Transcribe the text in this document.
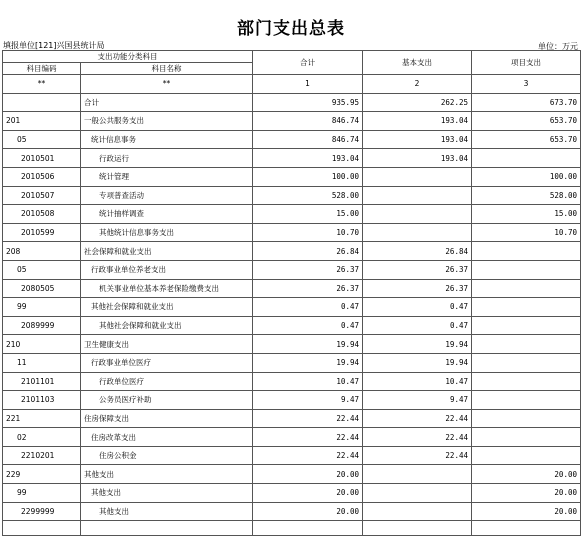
部门支出总表
填报单位[121]兴国县统计局	单位：万元
支出功能分类科目		合计	基本支出	项目支出
科目编码	科目名称			
**	**	1	2	3
	合计	935.95	262.25	673.70
201	一般公共服务支出	846.74	193.04	653.70
05	统计信息事务	846.74	193.04	653.70
2010501	行政运行	193.04	193.04	
2010506	统计管理	100.00		100.00
2010507	专项普查活动	528.00		528.00
2010508	统计抽样调查	15.00		15.00
2010599	其他统计信息事务支出	10.70		10.70
208	社会保障和就业支出	26.84	26.84	
05	行政事业单位养老支出	26.37	26.37	
2080505	机关事业单位基本养老保险缴费支出	26.37	26.37	
99	其他社会保障和就业支出	0.47	0.47	
2089999	其他社会保障和就业支出	0.47	0.47	
210	卫生健康支出	19.94	19.94	
11	行政事业单位医疗	19.94	19.94	
2101101	行政单位医疗	10.47	10.47	
2101103	公务员医疗补助	9.47	9.47	
221	住房保障支出	22.44	22.44	
02	住房改革支出	22.44	22.44	
2210201	住房公积金	22.44	22.44	
229	其他支出	20.00		20.00
99	其他支出	20.00		20.00
2299999	其他支出	20.00		20.00
